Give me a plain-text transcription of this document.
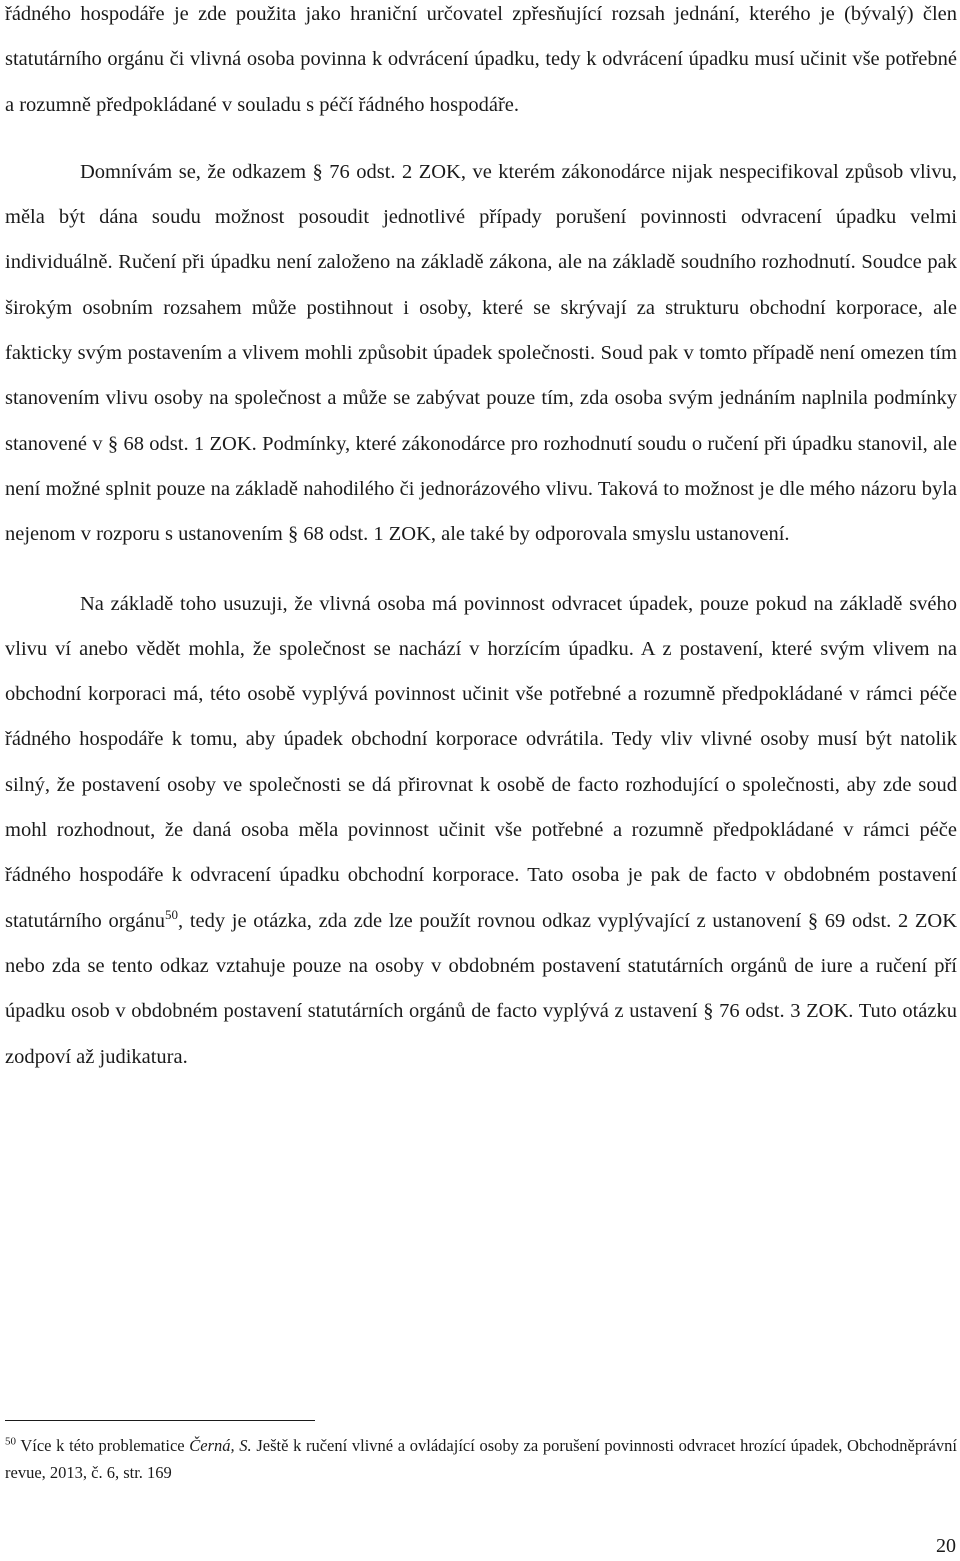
řádného hospodáře je zde použita jako hraniční určovatel zpřesňující rozsah jednání, kterého je (bývalý) člen statutárního orgánu či vlivná osoba povinna k odvrácení úpadku, tedy k odvrácení úpadku musí učinit vše potřebné a rozumně předpokládané v souladu s péčí řádného hospodáře.

Domnívám se, že odkazem § 76 odst. 2 ZOK, ve kterém zákonodárce nijak nespecifikoval způsob vlivu, měla být dána soudu možnost posoudit jednotlivé případy porušení povinnosti odvracení úpadku velmi individuálně. Ručení při úpadku není založeno na základě zákona, ale na základě soudního rozhodnutí. Soudce pak širokým osobním rozsahem může postihnout i osoby, které se skrývají za strukturu obchodní korporace, ale fakticky svým postavením a vlivem mohli způsobit úpadek společnosti. Soud pak v tomto případě není omezen tím stanovením vlivu osoby na společnost a může se zabývat pouze tím, zda osoba svým jednáním naplnila podmínky stanovené v § 68 odst. 1 ZOK. Podmínky, které zákonodárce pro rozhodnutí soudu o ručení při úpadku stanovil, ale není možné splnit pouze na základě nahodilého či jednorázového vlivu. Taková to možnost je dle mého názoru byla nejenom v rozporu s ustanovením § 68 odst. 1 ZOK, ale také by odporovala smyslu ustanovení.

Na základě toho usuzuji, že vlivná osoba má povinnost odvracet úpadek, pouze pokud na základě svého vlivu ví anebo vědět mohla, že společnost se nachází v horzícím úpadku. A z postavení, které svým vlivem na obchodní korporaci má, této osobě vyplývá povinnost učinit vše potřebné a rozumně předpokládané v rámci péče řádného hospodáře k tomu, aby úpadek obchodní korporace odvrátila. Tedy vliv vlivné osoby musí být natolik silný, že postavení osoby ve společnosti se dá přirovnat k osobě de facto rozhodující o společnosti, aby zde soud mohl rozhodnout, že daná osoba měla povinnost učinit vše potřebné a rozumně předpokládané v rámci péče řádného hospodáře k odvracení úpadku obchodní korporace. Tato osoba je pak de facto v obdobném postavení statutárního orgánu$^{50}$, tedy je otázka, zda zde lze použít rovnou odkaz vyplývající z ustanovení § 69 odst. 2 ZOK nebo zda se tento odkaz vztahuje pouze na osoby v obdobném postavení statutárních orgánů de iure a ručení pří úpadku osob v obdobném postavení statutárních orgánů de facto vyplývá z ustavení § 76 odst. 3 ZOK. Tuto otázku zodpoví až judikatura.

$^{50}$ Více k této problematice Černá, S. Ještě k ručení vlivné a ovládající osoby za porušení povinnosti odvracet hrozící úpadek, Obchodněprávní revue, 2013, č. 6, str. 169

20
